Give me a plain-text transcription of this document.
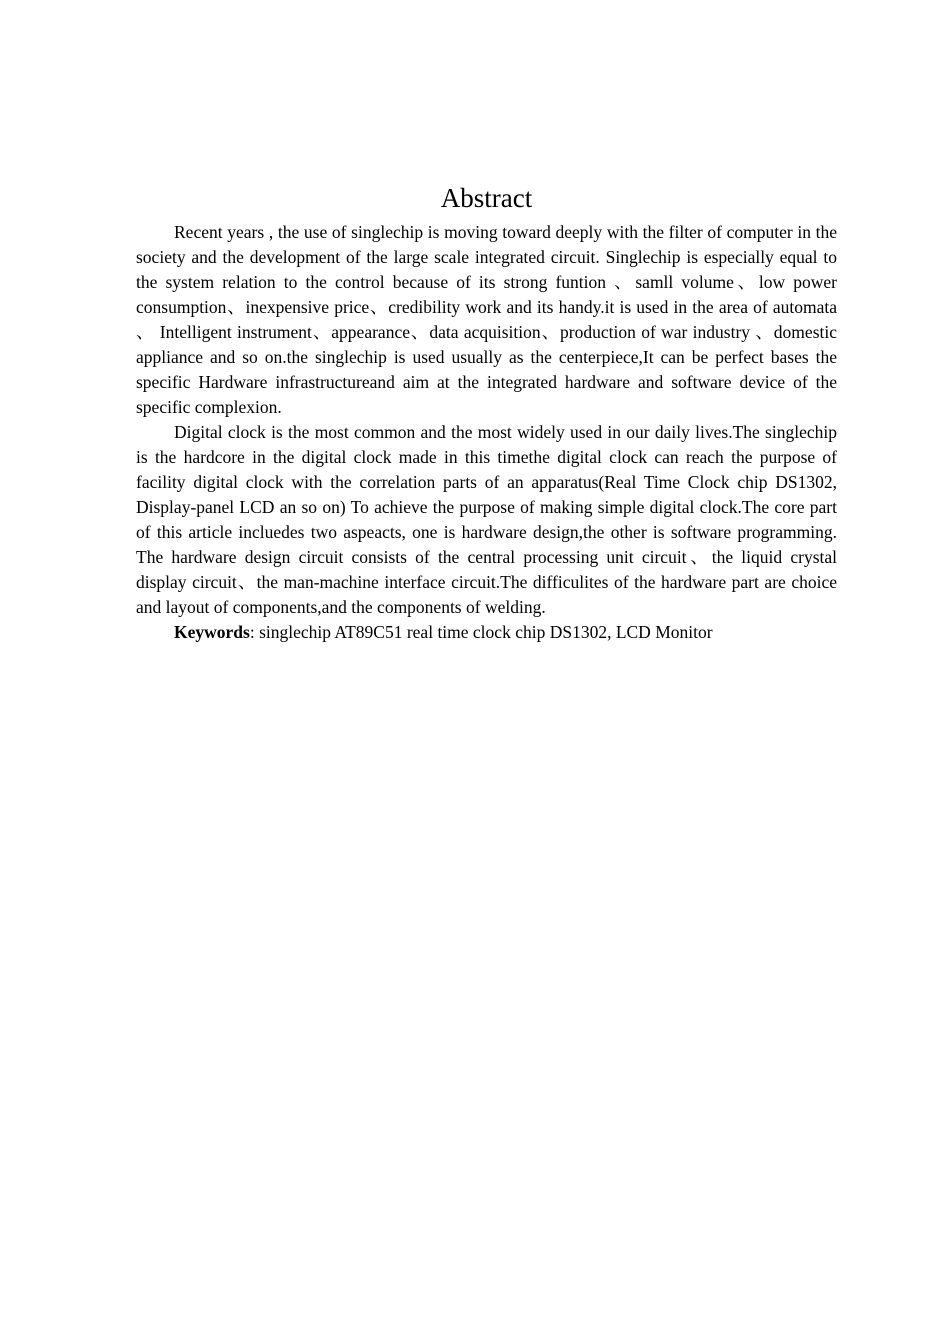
Abstract

Recent years , the use of singlechip is moving toward deeply with the filter of computer in the society and the development of the large scale integrated circuit. Singlechip is especially equal to the system relation to the control because of its strong funtion 、samll volume、low power consumption、inexpensive price、credibility work and its handy.it is used in the area of automata 、 Intelligent instrument、appearance、data acquisition、production of war industry 、domestic appliance and so on.the singlechip is used usually as the centerpiece,It can be perfect bases the specific Hardware infrastructureand aim at the integrated hardware and software device of the specific complexion.

Digital clock is the most common and the most widely used in our daily lives.The singlechip is the hardcore in the digital clock made in this timethe digital clock can reach the purpose of facility digital clock with the correlation parts of an apparatus(Real Time Clock chip DS1302, Display-panel LCD an so on) To achieve the purpose of making simple digital clock.The core part of this article incluedes two aspeacts, one is hardware design,the other is software programming. The hardware design circuit consists of the central processing unit circuit、the liquid crystal display circuit、the man-machine interface circuit.The difficulites of the hardware part are choice and layout of components,and the components of welding.

Keywords: singlechip AT89C51 real time clock chip DS1302, LCD Monitor
